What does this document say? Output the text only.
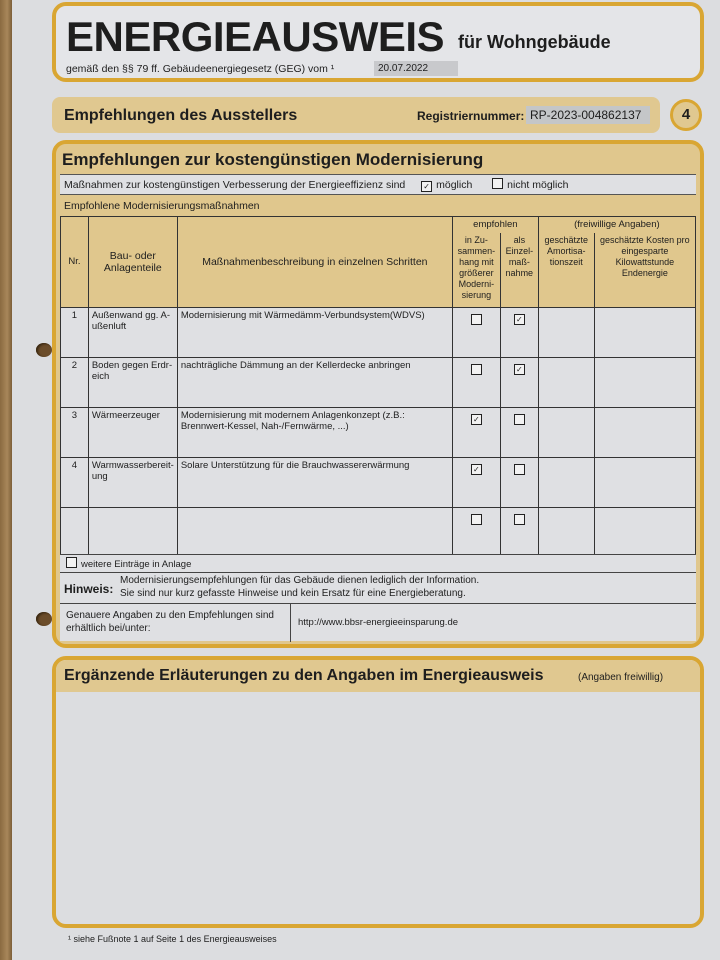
ENERGIEAUSWEIS für Wohngebäude
gemäß den §§ 79 ff. Gebäudeenergiegesetz (GEG) vom ¹	20.07.2022
Empfehlungen des Ausstellers	Registriernummer: RP-2023-004862137	4
Empfehlungen zur kostengünstigen Modernisierung
Maßnahmen zur kostengünstigen Verbesserung der Energieeffizienz sind ✓ möglich	nicht möglich
Empfohlene Modernisierungsmaßnahmen
Nr.	Bau- oder Anlagenteile	Maßnahmenbeschreibung in einzelnen Schritten	empfohlen		(freiwillige Angaben)	
			in Zu-sammen-hang mit größerer Moderni-sierung	als Einzel-maß-nahme	geschätzte Amortisa-tionszeit	geschätzte Kosten pro eingesparte Kilowattstunde Endenergie
1	Außenwand gg. A-ußenluft	Modernisierung mit Wärmedämm-Verbundsystem(WDVS)		✓		
2	Boden gegen Erdr-eich	nachträgliche Dämmung an der Kellerdecke anbringen		✓		
3	Wärmeerzeuger	Modernisierung mit modernem Anlagenkonzept (z.B.: Brennwert-Kessel, Nah-/Fernwärme, ...)	✓			
4	Warmwasserbereit-ung	Solare Unterstützung für die Brauchwassererwärmung	✓			

weitere Einträge in Anlage
Hinweis:
Modernisierungsempfehlungen für das Gebäude dienen lediglich der Information.
Sie sind nur kurz gefasste Hinweise und kein Ersatz für eine Energieberatung.
Genauere Angaben zu den Empfehlungen sind erhältlich bei/unter:
http://www.bbsr-energieeinsparung.de
Ergänzende Erläuterungen zu den Angaben im Energieausweis	(Angaben freiwillig)
¹ siehe Fußnote 1 auf Seite 1 des Energieausweises
